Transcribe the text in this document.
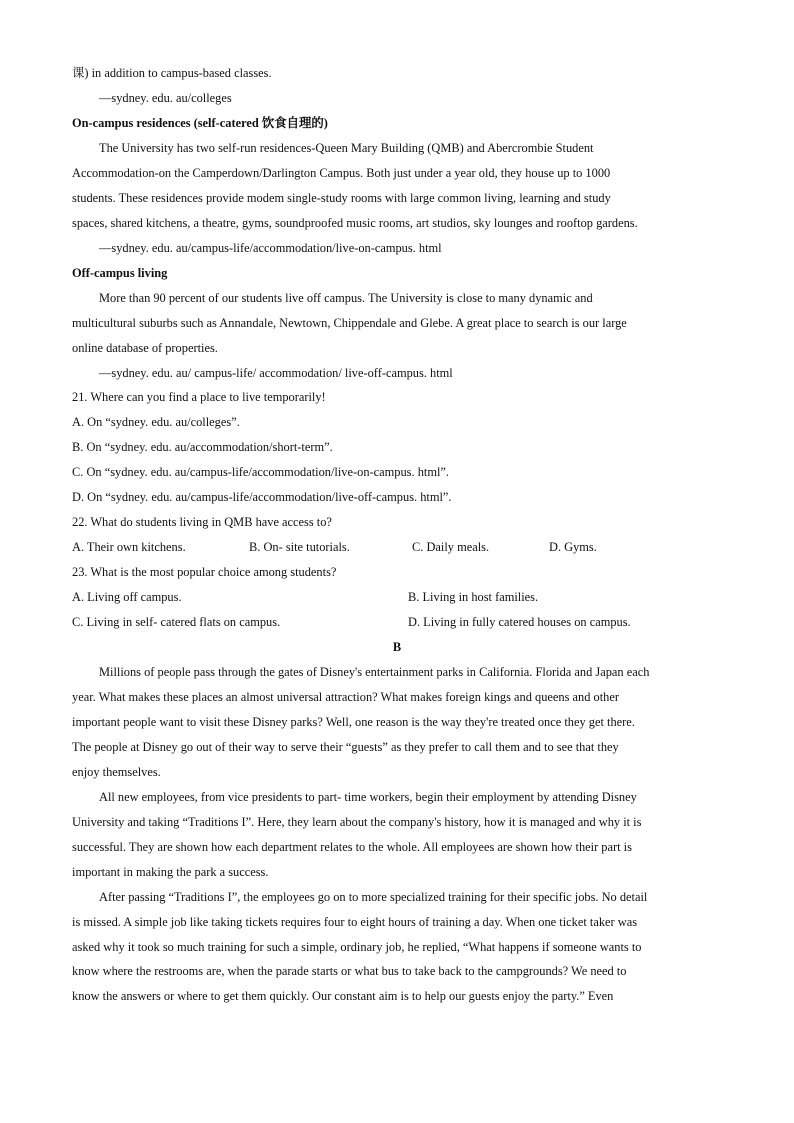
课) in addition to campus-based classes.
—sydney. edu. au/colleges
On-campus residences (self-catered 饮食自理的)
The University has two self-run residences-Queen Mary Building (QMB) and Abercrombie Student
Accommodation-on the Camperdown/Darlington Campus. Both just under a year old, they house up to 1000
students. These residences provide modem single-study rooms with large common living, learning and study
spaces, shared kitchens, a theatre, gyms, soundproofed music rooms, art studios, sky lounges and rooftop gardens.
—sydney. edu. au/campus-life/accommodation/live-on-campus. html
Off-campus living
More than 90 percent of our students live off campus. The University is close to many dynamic and
multicultural suburbs such as Annandale, Newtown, Chippendale and Glebe. A great place to search is our large
online database of properties.
—sydney. edu. au/ campus-life/ accommodation/ live-off-campus. html
21. Where can you find a place to live temporarily!
A. On “sydney. edu. au/colleges”.
B. On “sydney. edu. au/accommodation/short-term”.
C. On “sydney. edu. au/campus-life/accommodation/live-on-campus. html”.
D. On “sydney. edu. au/campus-life/accommodation/live-off-campus. html”.
22. What do students living in QMB have access to?
A. Their own kitchens.	B. On- site tutorials.	C. Daily meals.	D. Gyms.
23. What is the most popular choice among students?
A. Living off campus.	B. Living in host families.
C. Living in self- catered flats on campus.	D. Living in fully catered houses on campus.
B
Millions of people pass through the gates of Disney's entertainment parks in California. Florida and Japan each
year. What makes these places an almost universal attraction? What makes foreign kings and queens and other
important people want to visit these Disney parks? Well, one reason is the way they're treated once they get there.
The people at Disney go out of their way to serve their “guests” as they prefer to call them and to see that they
enjoy themselves.
All new employees, from vice presidents to part- time workers, begin their employment by attending Disney
University and taking “Traditions I”. Here, they learn about the company's history, how it is managed and why it is
successful. They are shown how each department relates to the whole. All employees are shown how their part is
important in making the park a success.
After passing “Traditions I”, the employees go on to more specialized training for their specific jobs. No detail
is missed. A simple job like taking tickets requires four to eight hours of training a day. When one ticket taker was
asked why it took so much training for such a simple, ordinary job, he replied, “What happens if someone wants to
know where the restrooms are, when the parade starts or what bus to take back to the campgrounds? We need to
know the answers or where to get them quickly. Our constant aim is to help our guests enjoy the party.” Even
